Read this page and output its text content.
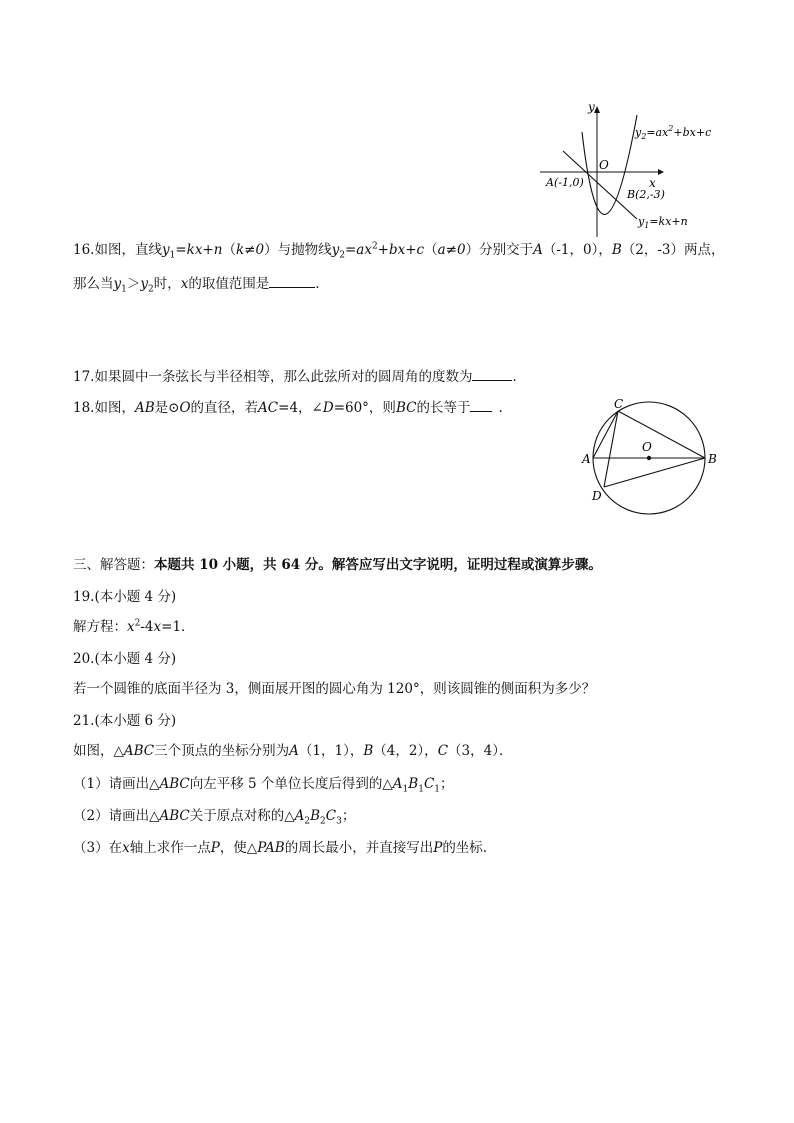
y
x
O
$y_2=ax^2+bx+c$
$y_1=kx+n$
A(-1,0)
B(2,-3)
16.如图，直线$y_1=kx+n(k\ne 0)$与抛物线$y_2=ax^2+bx+c(a\ne 0)$分别交于A（-1，0），B（2，-3）两点，
那么当$y_1>y_2$时，x的取值范围是	．
17.如果圆中一条弦长与半径相等，那么此弦所对的圆周角的度数为	．
18.如图，AB是⊙O的直径，若AC=4，∠D=60°，则BC的长等于 .
A	B
C
D
O
三、解答题：本题共 10 小题，共 64 分。解答应写出文字说明，证明过程或演算步骤。
19.(本小题 4 分)
解方程：$x^2-4x=1$．
20.(本小题 4 分)
若一个圆锥的底面半径为 3，侧面展开图的圆心角为 120°，则该圆锥的侧面积为多少？
21.(本小题 6 分)
如图，△ABC三个顶点的坐标分别为A（1，1），B（4，2），C（3，4）．
（1）请画出△ABC向左平移 5 个单位长度后得到的$\triangle A_1B_1C_1$；
（2）请画出△ABC关于原点对称的$\triangle A_2B_2C_3$；
（3）在x轴上求作一点P，使△PAB的周长最小，并直接写出P的坐标.
